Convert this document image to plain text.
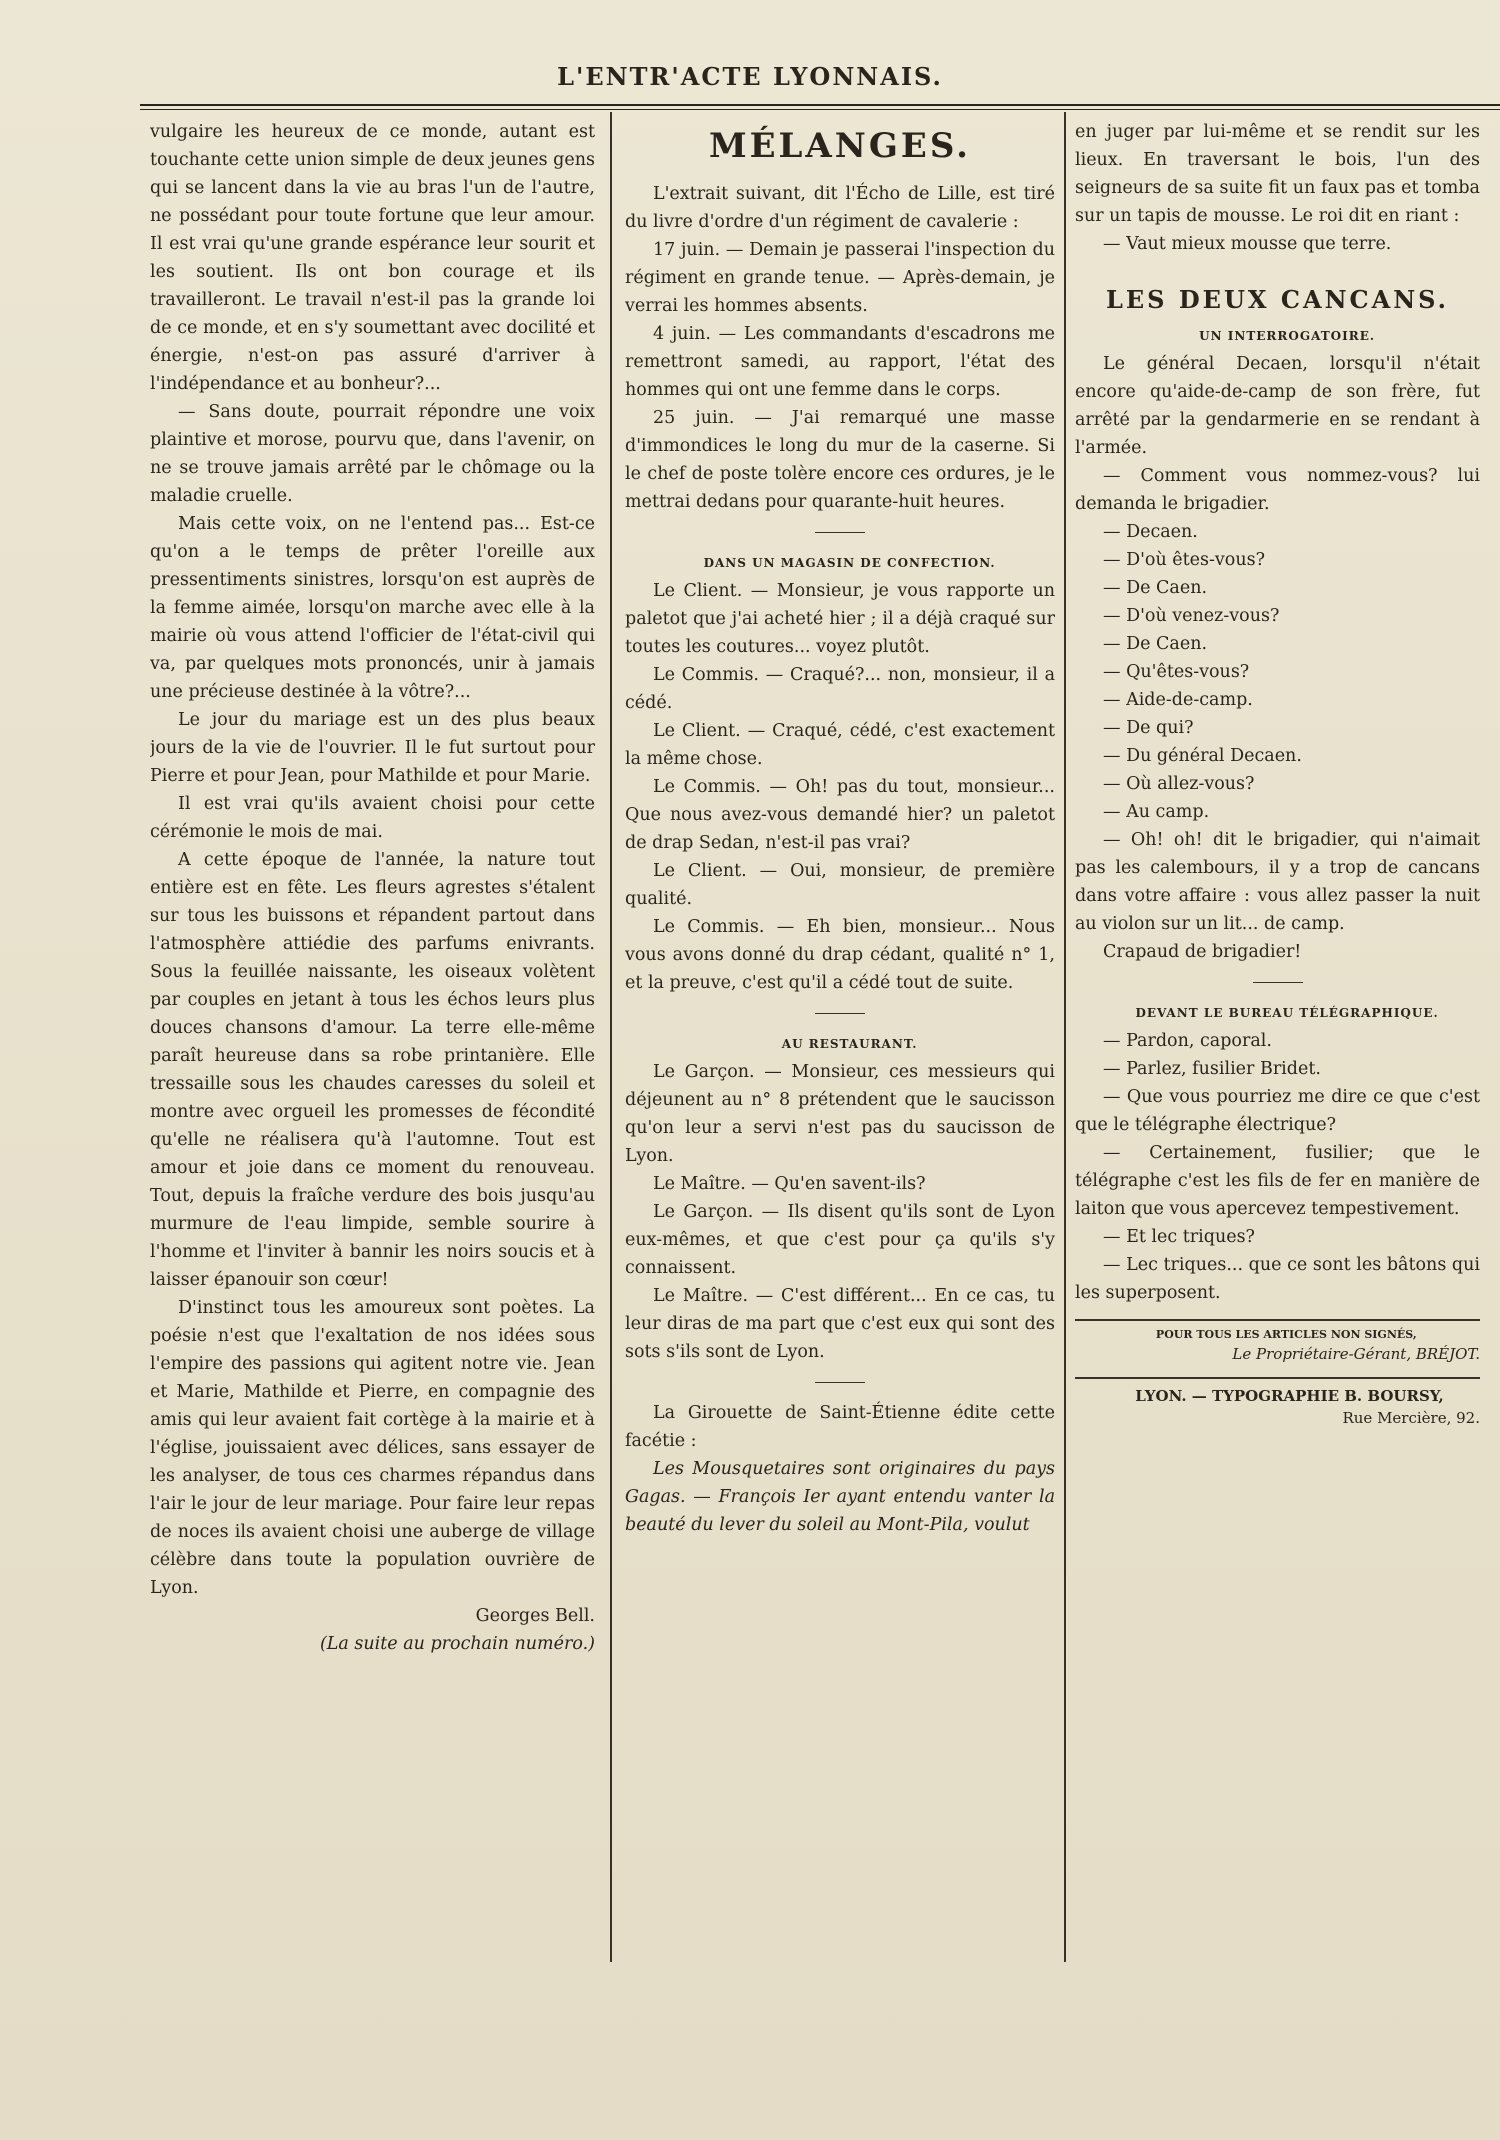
L'ENTR'ACTE LYONNAIS.

vulgaire les heureux de ce monde, autant est touchante cette union simple de deux jeunes gens qui se lancent dans la vie au bras l'un de l'autre, ne possédant pour toute fortune que leur amour. Il est vrai qu'une grande espérance leur sourit et les soutient. Ils ont bon courage et ils travailleront. Le travail n'est-il pas la grande loi de ce monde, et en s'y soumettant avec docilité et énergie, n'est-on pas assuré d'arriver à l'indépendance et au bonheur?...

— Sans doute, pourrait répondre une voix plaintive et morose, pourvu que, dans l'avenir, on ne se trouve jamais arrêté par le chômage ou la maladie cruelle.

Mais cette voix, on ne l'entend pas... Est-ce qu'on a le temps de prêter l'oreille aux pressentiments sinistres, lorsqu'on est auprès de la femme aimée, lorsqu'on marche avec elle à la mairie où vous attend l'officier de l'état-civil qui va, par quelques mots prononcés, unir à jamais une précieuse destinée à la vôtre?...

Le jour du mariage est un des plus beaux jours de la vie de l'ouvrier. Il le fut surtout pour Pierre et pour Jean, pour Mathilde et pour Marie.

Il est vrai qu'ils avaient choisi pour cette cérémonie le mois de mai.

A cette époque de l'année, la nature tout entière est en fête. Les fleurs agrestes s'étalent sur tous les buissons et répandent partout dans l'atmosphère attiédie des parfums enivrants. Sous la feuillée naissante, les oiseaux volètent par couples en jetant à tous les échos leurs plus douces chansons d'amour. La terre elle-même paraît heureuse dans sa robe printanière. Elle tressaille sous les chaudes caresses du soleil et montre avec orgueil les promesses de fécondité qu'elle ne réalisera qu'à l'automne. Tout est amour et joie dans ce moment du renouveau. Tout, depuis la fraîche verdure des bois jusqu'au murmure de l'eau limpide, semble sourire à l'homme et l'inviter à bannir les noirs soucis et à laisser épanouir son cœur!

D'instinct tous les amoureux sont poètes. La poésie n'est que l'exaltation de nos idées sous l'empire des passions qui agitent notre vie. Jean et Marie, Mathilde et Pierre, en compagnie des amis qui leur avaient fait cortège à la mairie et à l'église, jouissaient avec délices, sans essayer de les analyser, de tous ces charmes répandus dans l'air le jour de leur mariage. Pour faire leur repas de noces ils avaient choisi une auberge de village célèbre dans toute la population ouvrière de Lyon.

Georges Bell.

(La suite au prochain numéro.)

MÉLANGES.

L'extrait suivant, dit l'Écho de Lille, est tiré du livre d'ordre d'un régiment de cavalerie :

17 juin. — Demain je passerai l'inspection du régiment en grande tenue. — Après-demain, je verrai les hommes absents.

4 juin. — Les commandants d'escadrons me remettront samedi, au rapport, l'état des hommes qui ont une femme dans le corps.

25 juin. — J'ai remarqué une masse d'immondices le long du mur de la caserne. Si le chef de poste tolère encore ces ordures, je le mettrai dedans pour quarante-huit heures.

DANS UN MAGASIN DE CONFECTION.

Le Client. — Monsieur, je vous rapporte un paletot que j'ai acheté hier ; il a déjà craqué sur toutes les coutures... voyez plutôt.

Le Commis. — Craqué?... non, monsieur, il a cédé.

Le Client. — Craqué, cédé, c'est exactement la même chose.

Le Commis. — Oh! pas du tout, monsieur... Que nous avez-vous demandé hier? un paletot de drap Sedan, n'est-il pas vrai?

Le Client. — Oui, monsieur, de première qualité.

Le Commis. — Eh bien, monsieur... Nous vous avons donné du drap cédant, qualité n° 1, et la preuve, c'est qu'il a cédé tout de suite.

AU RESTAURANT.

Le Garçon. — Monsieur, ces messieurs qui déjeunent au n° 8 prétendent que le saucisson qu'on leur a servi n'est pas du saucisson de Lyon.

Le Maître. — Qu'en savent-ils?

Le Garçon. — Ils disent qu'ils sont de Lyon eux-mêmes, et que c'est pour ça qu'ils s'y connaissent.

Le Maître. — C'est différent... En ce cas, tu leur diras de ma part que c'est eux qui sont des sots s'ils sont de Lyon.

La Girouette de Saint-Étienne édite cette facétie :

Les Mousquetaires sont originaires du pays Gagas. — François Ier ayant entendu vanter la beauté du lever du soleil au Mont-Pila, voulut

en juger par lui-même et se rendit sur les lieux. En traversant le bois, l'un des seigneurs de sa suite fit un faux pas et tomba sur un tapis de mousse. Le roi dit en riant :

— Vaut mieux mousse que terre.

LES DEUX CANCANS.

UN INTERROGATOIRE.

Le général Decaen, lorsqu'il n'était encore qu'aide-de-camp de son frère, fut arrêté par la gendarmerie en se rendant à l'armée.

— Comment vous nommez-vous? lui demanda le brigadier.

— Decaen.

— D'où êtes-vous?

— De Caen.

— D'où venez-vous?

— De Caen.

— Qu'êtes-vous?

— Aide-de-camp.

— De qui?

— Du général Decaen.

— Où allez-vous?

— Au camp.

— Oh! oh! dit le brigadier, qui n'aimait pas les calembours, il y a trop de cancans dans votre affaire : vous allez passer la nuit au violon sur un lit... de camp.

Crapaud de brigadier!

DEVANT LE BUREAU TÉLÉGRAPHIQUE.

— Pardon, caporal.

— Parlez, fusilier Bridet.

— Que vous pourriez me dire ce que c'est que le télégraphe électrique?

— Certainement, fusilier; que le télégraphe c'est les fils de fer en manière de laiton que vous apercevez tempestivement.

— Et lec triques?

— Lec triques... que ce sont les bâtons qui les superposent.

POUR TOUS LES ARTICLES NON SIGNÉS,

Le Propriétaire-Gérant, BRÉJOT.

LYON. — TYPOGRAPHIE B. BOURSY,

Rue Mercière, 92.
